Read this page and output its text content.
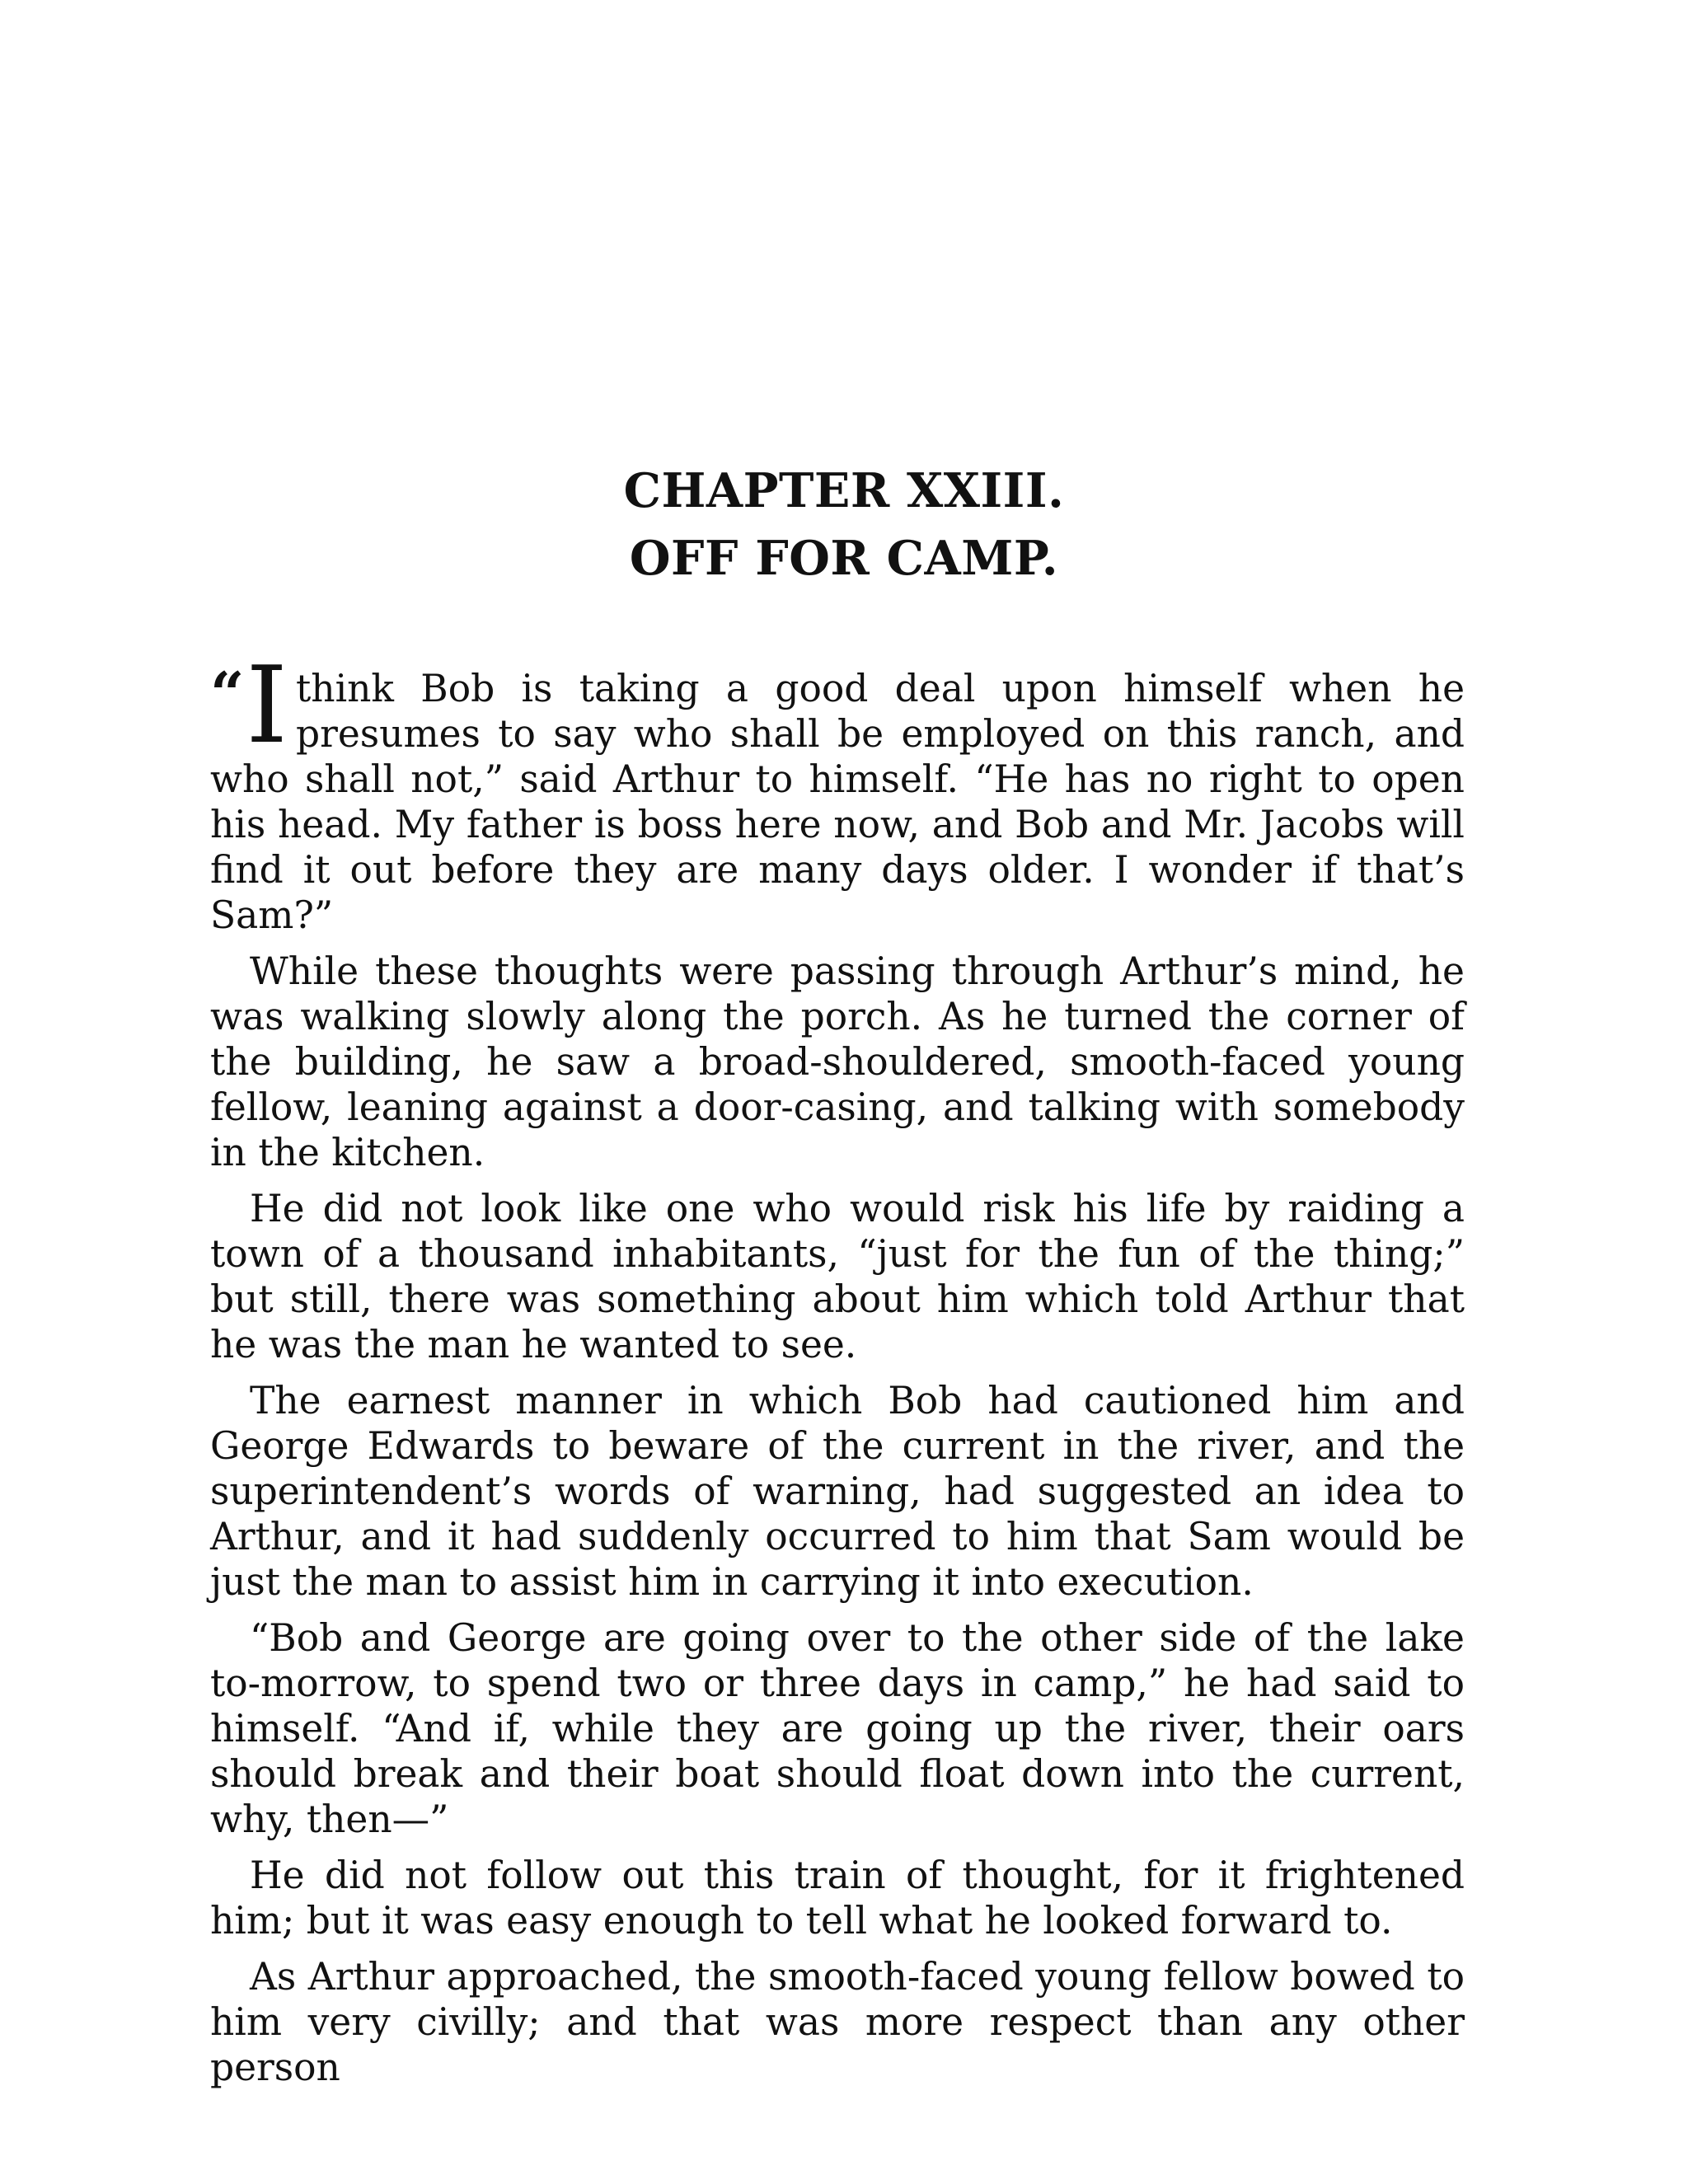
CHAPTER XXIII.
OFF FOR CAMP.

“I think Bob is taking a good deal upon himself when he presumes to say who shall be employed on this ranch, and who shall not,” said Arthur to himself. “He has no right to open his head. My father is boss here now, and Bob and Mr. Jacobs will find it out before they are many days older. I wonder if that’s Sam?”

While these thoughts were passing through Arthur’s mind, he was walking slowly along the porch. As he turned the corner of the building, he saw a broad-shouldered, smooth-faced young fellow, leaning against a door-casing, and talking with somebody in the kitchen.

He did not look like one who would risk his life by raiding a town of a thousand inhabitants, “just for the fun of the thing;” but still, there was something about him which told Arthur that he was the man he wanted to see.

The earnest manner in which Bob had cautioned him and George Edwards to beware of the current in the river, and the superintendent’s words of warning, had suggested an idea to Arthur, and it had suddenly occurred to him that Sam would be just the man to assist him in carrying it into execution.

“Bob and George are going over to the other side of the lake to-morrow, to spend two or three days in camp,” he had said to himself. “And if, while they are going up the river, their oars should break and their boat should float down into the current, why, then—”

He did not follow out this train of thought, for it frightened him; but it was easy enough to tell what he looked forward to.

As Arthur approached, the smooth-faced young fellow bowed to him very civilly; and that was more respect than any other person
